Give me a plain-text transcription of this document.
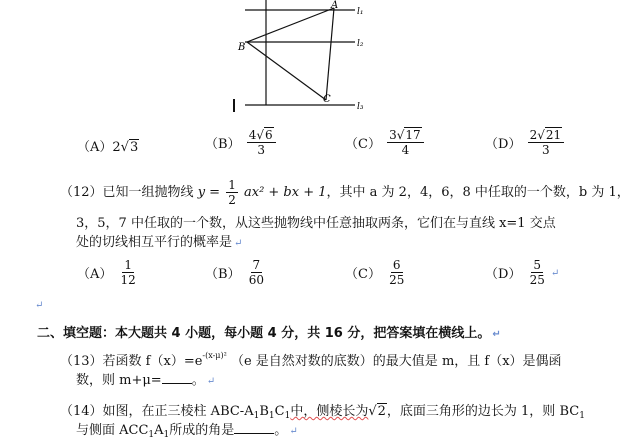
A
B
C
l₁
l₂
l₃
（A）2√3	$(B) \frac{4√6}{3}$	$(C) \frac{3√17}{4}$	$(D) \frac{2√21}{3}$
（12）已知一组抛物线 $y = \frac{1}{2} ax^2$ + bx + 1，其中 a 为 2，4，6，8 中任取的一个数，b 为 1，
3，5，7 中任取的一个数，从这些抛物线中任意抽取两条，它们在与直线 x=1 交点
处的切线相互平行的概率是 ↵
$(A) \frac{1}{12}$	$(B) \frac{7}{60}$	$(C) \frac{6}{25}$	$(D) \frac{5}{25}$ ↵
↵
二、填空题：本大题共 4 小题，每小题 4 分，共 16 分，把答案填在横线上。 ↵
（13）若函数 $f(x)=e^{-(x-\mu)^2}$ （e 是自然对数的底数）的最大值是 m，且 f（x）是偶函
数，则 m+μ= 。 ↵
（14）如图，在正三棱柱 ABC-$A_1B_1C_1$中，侧棱长为√2，底面三角形的边长为 1，则 $BC_1$
与侧面 $ACC_1A_1$所成的角是	。 ↵
